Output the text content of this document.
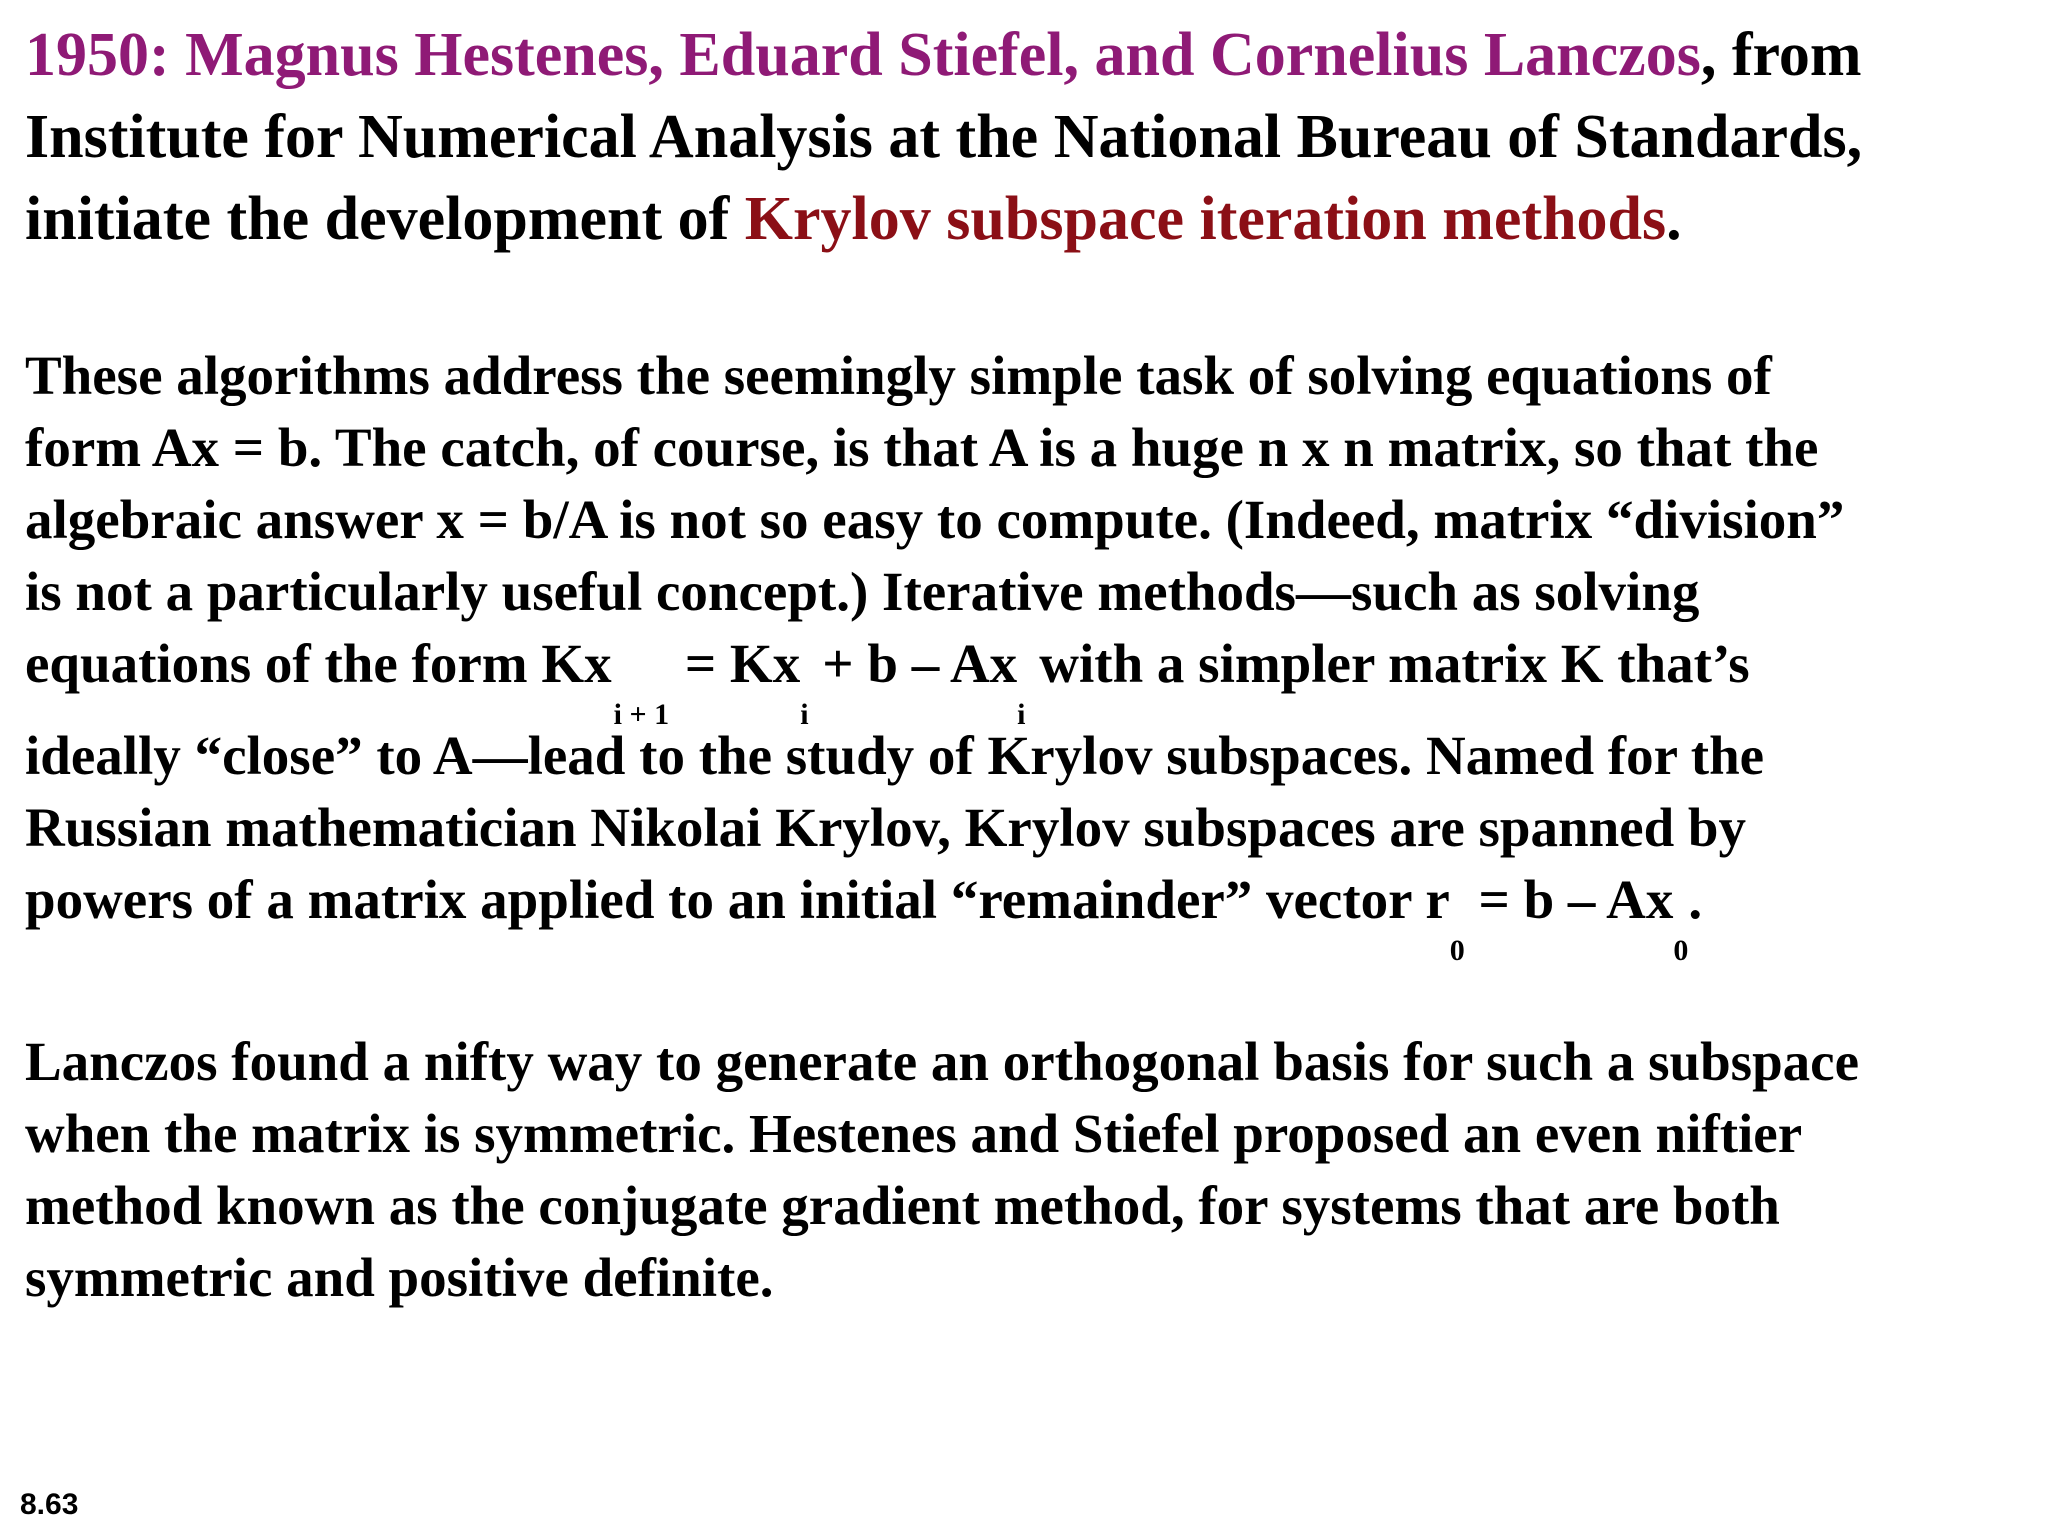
1950: Magnus Hestenes, Eduard Stiefel, and Cornelius Lanczos, from
Institute for Numerical Analysis at the National Bureau of Standards,
initiate the development of Krylov subspace iteration methods.
These algorithms address the seemingly simple task of solving equations of
form Ax = b. The catch, of course, is that A is a huge n x n matrix, so that the
algebraic answer x = b/A is not so easy to compute. (Indeed, matrix “division”
is not a particularly useful concept.) Iterative methods—such as solving
equations of the form Kxi + 1 = Kxi + b – Axi with a simpler matrix K that’s
ideally “close” to A—lead to the study of Krylov subspaces. Named for the
Russian mathematician Nikolai Krylov, Krylov subspaces are spanned by
powers of a matrix applied to an initial “remainder” vector r0 = b – Ax0.
Lanczos found a nifty way to generate an orthogonal basis for such a subspace
when the matrix is symmetric. Hestenes and Stiefel proposed an even niftier
method known as the conjugate gradient method, for systems that are both
symmetric and positive definite.
8.63
